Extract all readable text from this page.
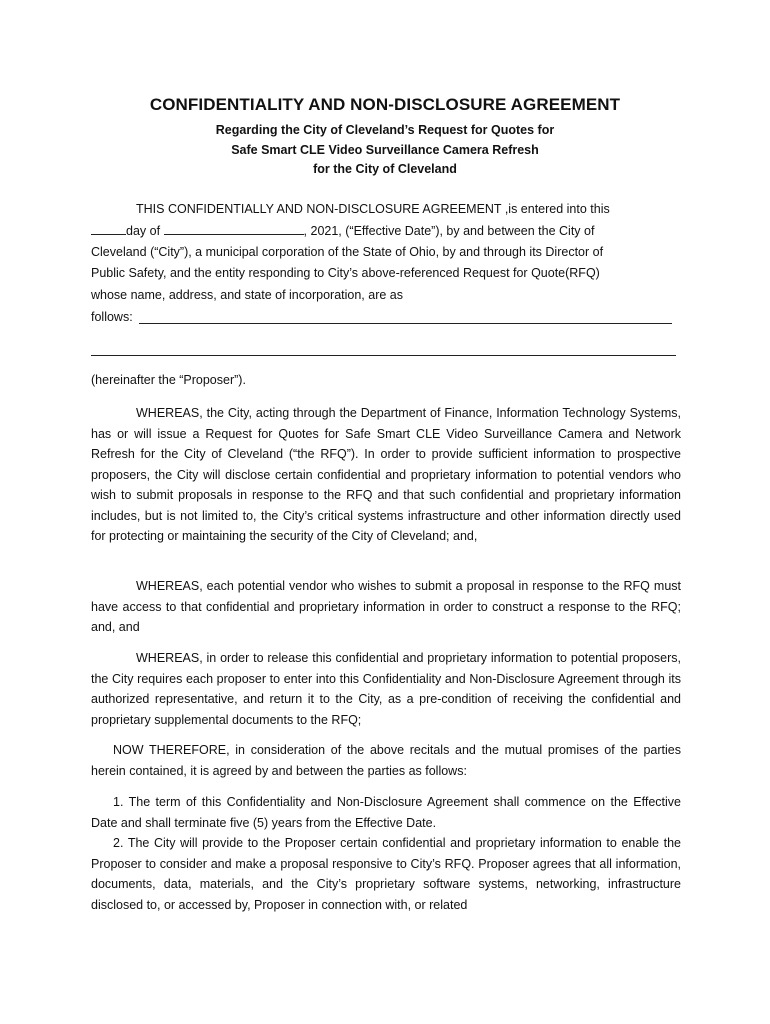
CONFIDENTIALITY AND NON-DISCLOSURE AGREEMENT
Regarding the City of Cleveland’s Request for Quotes for
Safe Smart CLE Video Surveillance Camera Refresh
for the City of Cleveland
THIS CONFIDENTIALLY AND NON-DISCLOSURE AGREEMENT ,is entered into this
day of	, 2021, (“Effective Date”), by and between the City of
Cleveland (“City”), a municipal corporation of the State of Ohio, by and through its Director of
Public Safety, and the entity responding to City’s above-referenced Request for Quote(RFQ)
whose name, address, and state of incorporation, are as
follows:
(hereinafter the “Proposer”).

WHEREAS, the City, acting through the Department of Finance, Information Technology Systems, has or will issue a Request for Quotes for Safe Smart CLE Video Surveillance Camera and Network Refresh for the City of Cleveland (“the RFQ”). In order to provide sufficient information to prospective proposers, the City will disclose certain confidential and proprietary information to potential vendors who wish to submit proposals in response to the RFQ and that such confidential and proprietary information includes, but is not limited to, the City’s critical systems infrastructure and other information directly used for protecting or maintaining the security of the City of Cleveland; and,

WHEREAS, each potential vendor who wishes to submit a proposal in response to the RFQ must have access to that confidential and proprietary information in order to construct a response to the RFQ; and, and

WHEREAS, in order to release this confidential and proprietary information to potential proposers, the City requires each proposer to enter into this Confidentiality and Non-Disclosure Agreement through its authorized representative, and return it to the City, as a pre-condition of receiving the confidential and proprietary supplemental documents to the RFQ;

NOW THEREFORE, in consideration of the above recitals and the mutual promises of the parties herein contained, it is agreed by and between the parties as follows:

1. The term of this Confidentiality and Non-Disclosure Agreement shall commence on the Effective Date and shall terminate five (5) years from the Effective Date.

2. The City will provide to the Proposer certain confidential and proprietary information to enable the Proposer to consider and make a proposal responsive to City’s RFQ. Proposer agrees that all information, documents, data, materials, and the City’s proprietary software systems, networking, infrastructure disclosed to, or accessed by, Proposer in connection with, or related
